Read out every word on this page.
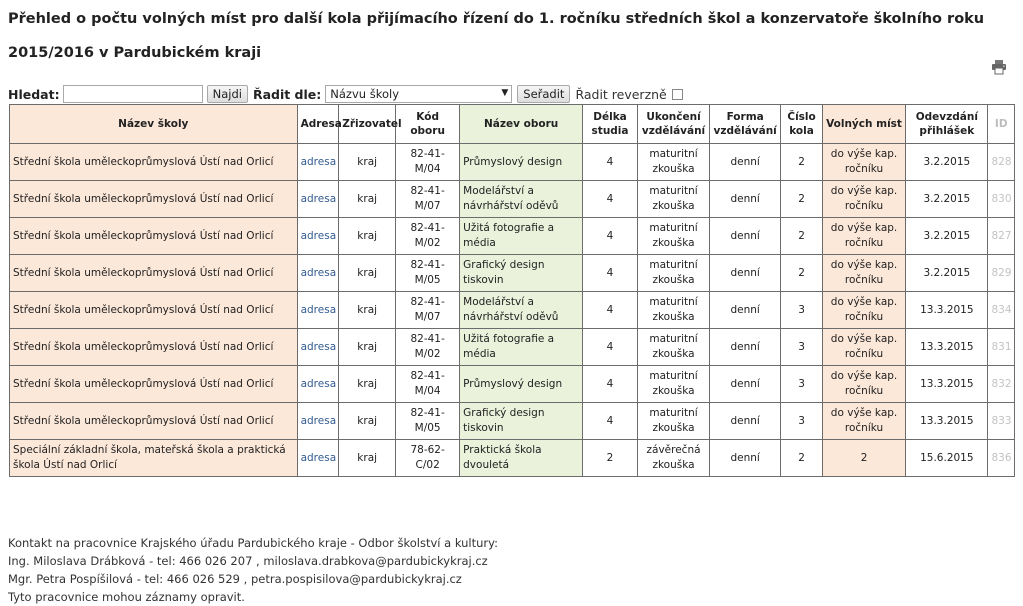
Přehled o počtu volných míst pro další kola přijímacího řízení do 1. ročníku středních škol a konzervatoře školního roku 2015/2016 v Pardubickém kraji
Hledat:	Najdi Řadit dle: Názvu školy	▼	Seřadit Řadit reverzně
Název školy	Adresa	Zřizovatel	Kód oboru	Název oboru	Délka studia	Ukončení vzdělávání	Forma vzdělávání	Číslo kola	Volných míst	Odevzdání přihlášek	ID
Střední škola uměleckoprůmyslová Ústí nad Orlicí	adresa	kraj	82-41-M/04	Průmyslový design	4	maturitní zkouška	denní	2	do výše kap. ročníku	3.2.2015	828
Střední škola uměleckoprůmyslová Ústí nad Orlicí	adresa	kraj	82-41-M/07	Modelářství a návrhářství oděvů	4	maturitní zkouška	denní	2	do výše kap. ročníku	3.2.2015	830
Střední škola uměleckoprůmyslová Ústí nad Orlicí	adresa	kraj	82-41-M/02	Užitá fotografie a média	4	maturitní zkouška	denní	2	do výše kap. ročníku	3.2.2015	827
Střední škola uměleckoprůmyslová Ústí nad Orlicí	adresa	kraj	82-41-M/05	Grafický design tiskovin	4	maturitní zkouška	denní	2	do výše kap. ročníku	3.2.2015	829
Střední škola uměleckoprůmyslová Ústí nad Orlicí	adresa	kraj	82-41-M/07	Modelářství a návrhářství oděvů	4	maturitní zkouška	denní	3	do výše kap. ročníku	13.3.2015	834
Střední škola uměleckoprůmyslová Ústí nad Orlicí	adresa	kraj	82-41-M/02	Užitá fotografie a média	4	maturitní zkouška	denní	3	do výše kap. ročníku	13.3.2015	831
Střední škola uměleckoprůmyslová Ústí nad Orlicí	adresa	kraj	82-41-M/04	Průmyslový design	4	maturitní zkouška	denní	3	do výše kap. ročníku	13.3.2015	832
Střední škola uměleckoprůmyslová Ústí nad Orlicí	adresa	kraj	82-41-M/05	Grafický design tiskovin	4	maturitní zkouška	denní	3	do výše kap. ročníku	13.3.2015	833
Speciální základní škola, mateřská škola a praktická škola Ústí nad Orlicí	adresa	kraj	78-62-C/02	Praktická škola dvouletá	2	závěrečná zkouška	denní	2	2	15.6.2015	836
Kontakt na pracovnice Krajského úřadu Pardubického kraje - Odbor školství a kultury:
Ing. Miloslava Drábková - tel: 466 026 207 , miloslava.drabkova@pardubickykraj.cz
Mgr. Petra Pospíšilová - tel: 466 026 529 , petra.pospisilova@pardubickykraj.cz
Tyto pracovnice mohou záznamy opravit.
